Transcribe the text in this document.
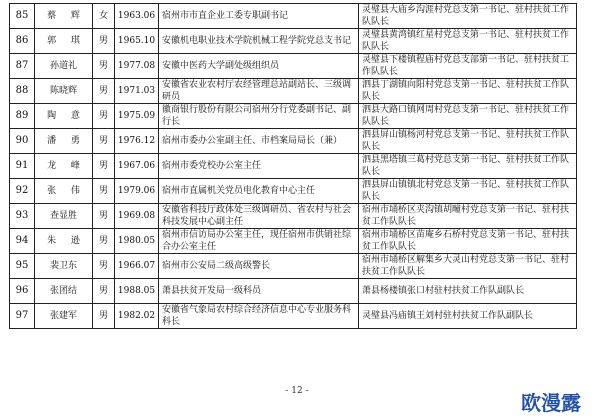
85	蔡 辉	女	1963.06	宿州市市直企业工委专职副书记	灵璧县大庙乡沟涯村党总支第一书记、驻村扶贫工作队队长
86	郭 琪	男	1965.10	安徽机电职业技术学院机械工程学院党总支书记	灵璧县黄湾镇红星村党总支第一书记、驻村扶贫工作队队长
87	孙道礼	男	1977.08	安徽中医药大学副处级组织员	灵璧县下楼镇程庙村党总支部第一书记、驻村扶贫工作队队长
88	陈晓辉	男	1971.03	安徽省农业农村厅农经管理总站副站长、三级调研员	泗县丁湖镇向阳村党总支第一书记、驻村扶贫工作队队长
89	陶 意	男	1975.09	徽商银行股份有限公司宿州分行党委副书记、副行长	泗县大路口镇网周村党总支第一书记、驻村扶贫工作队队长
90	潘 勇	男	1976.12	宿州市委办公室副主任、市档案局局长（兼）	泗县屏山镇杨河村党总支第一书记、驻村扶贫工作队队长
91	龙 峰	男	1967.06	宿州市委党校办公室主任	泗县黑塔镇三葛村党总支第一书记、驻村扶贫工作队队长
92	张 伟	男	1979.06	宿州市直属机关党员电化教育中心主任	泗县屏山镇镇北村党总支第一书记、驻村扶贫工作队队长
93	查显胜	男	1969.08	安徽省科技厅政体处三级调研员、省农村与社会科技发展中心副主任	宿州市埇桥区夹沟镇胡疃村党总支第一书记、驻村扶贫工作队队长
94	朱 逊	男	1980.05	宿州市信访局办公室主任，现任宿州市供销社综合办公室主任	宿州市埇桥区苗庵乡石桥村党总支第一书记、驻村扶贫工作队队长
95	裴卫东	男	1966.07	宿州市公安局二级高级警长	宿州市埇桥区解集乡大灵山村党总支第一书记、驻村扶贫工作队队长
96	张团结	男	1988.05	萧县扶贫开发局一级科员	萧县杨楼镇张口村驻村扶贫工作队副队长
97	张建军	男	1982.02	安徽省气象局农村综合经济信息中心专业服务科科长	灵璧县冯庙镇王刘村驻村扶贫工作队副队长
- 12 -	欧漫露
